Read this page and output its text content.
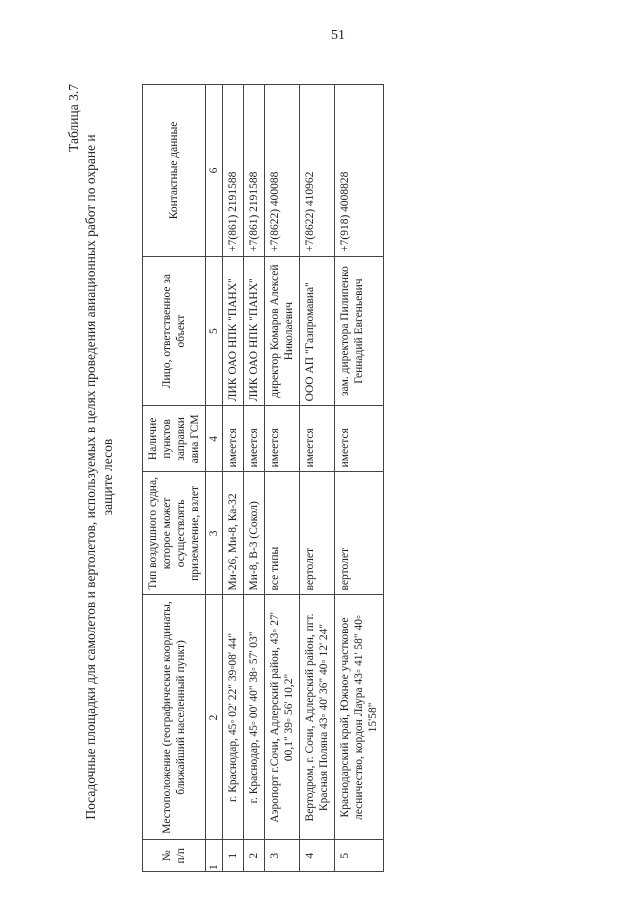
51
Таблица 3.7
Посадочные площадки для самолетов и вертолетов, используемых в целях проведения авиационных работ по охране и защите лесов
№ п/п	Местоположение (географические координаты, ближайший населенный пункт)	Тип воздушного судна, которое может осуществлять приземление, взлет	Наличие пунктов заправки авиа ГСМ	Лицо, ответственное за объект	Контактные данные
1	2	3	4	5	6
1	г. Краснодар, 45◦ 02' 22" 39◦08' 44"	Ми-26, Ми-8, Ка-32	имеется	ЛИК ОАО НПК "ПАНХ"	+7(861) 2191588
2	г. Краснодар, 45◦ 00' 40" 38◦ 57' 03"	Ми-8, В-3 (Сокол)	имеется	ЛИК ОАО НПК "ПАНХ"	+7(861) 2191588
3	Аэропорт г.Сочи, Адлерский район, 43◦ 27' 00,1" 39◦ 56' 10,2"	все типы	имеется	директор Комаров Алексей Николаевич	+7(8622) 400088
4	Вертодром, г. Сочи, Адлерский район, пгт. Красная Поляна 43◦ 40' 36" 40◦ 12' 24"	вертолет	имеется	ООО АП "Газпромавиа"	+7(8622) 410962
5	Краснодарский край, Южное участковое лесничество, кордон Лаура 43◦ 41' 58" 40◦ 15'58"	вертолет	имеется	зам. директора Пилипенко Геннадий Евгеньевич	+7(918) 4008828
